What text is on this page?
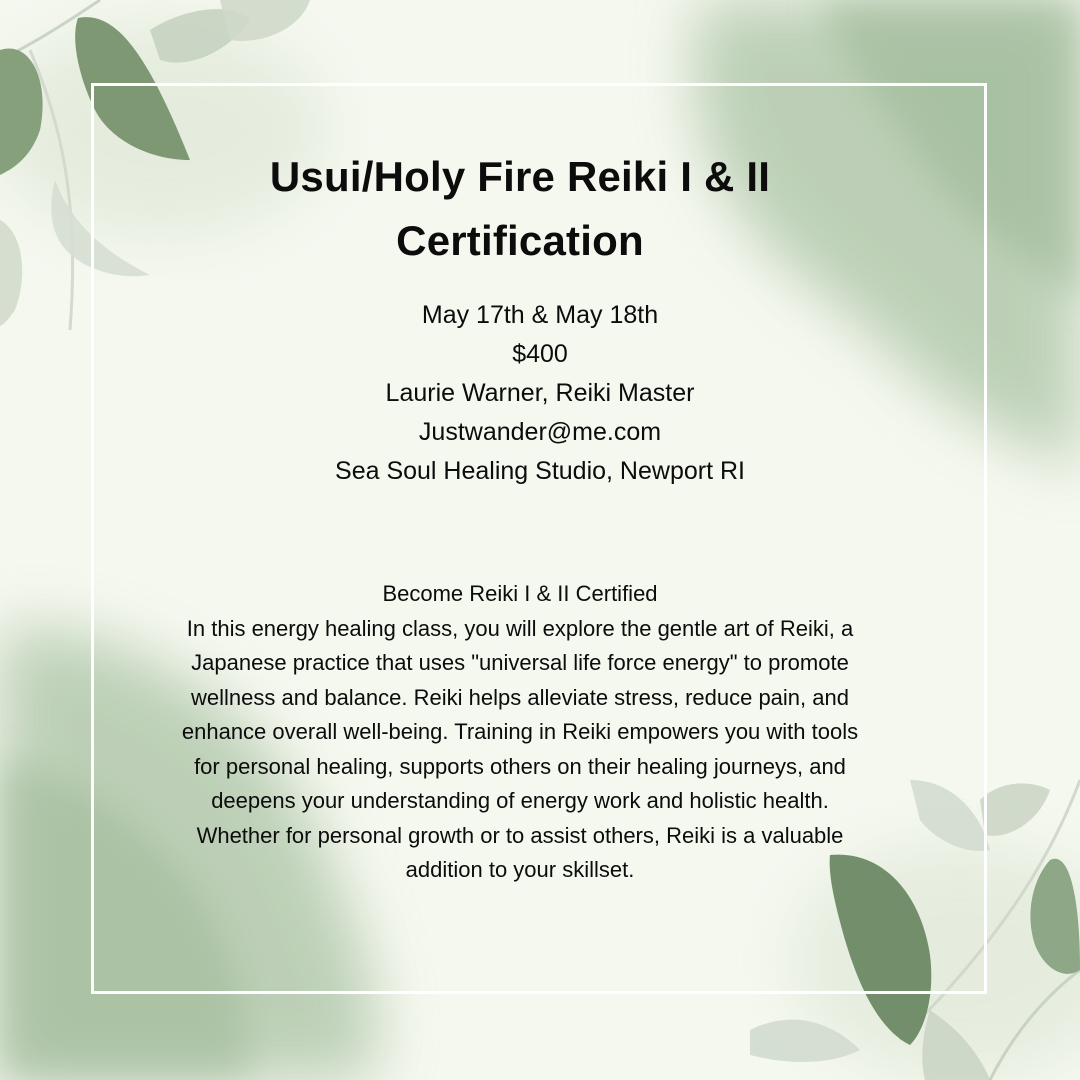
Usui/Holy Fire Reiki I & II
Certification
May 17th & May 18th
$400
Laurie Warner, Reiki Master
Justwander@me.com
Sea Soul Healing Studio, Newport RI
Become Reiki I & II Certified
In this energy healing class, you will explore the gentle art of Reiki, a
Japanese practice that uses "universal life force energy" to promote
wellness and balance. Reiki helps alleviate stress, reduce pain, and
enhance overall well-being. Training in Reiki empowers you with tools
for personal healing, supports others on their healing journeys, and
deepens your understanding of energy work and holistic health.
Whether for personal growth or to assist others, Reiki is a valuable
addition to your skillset.
